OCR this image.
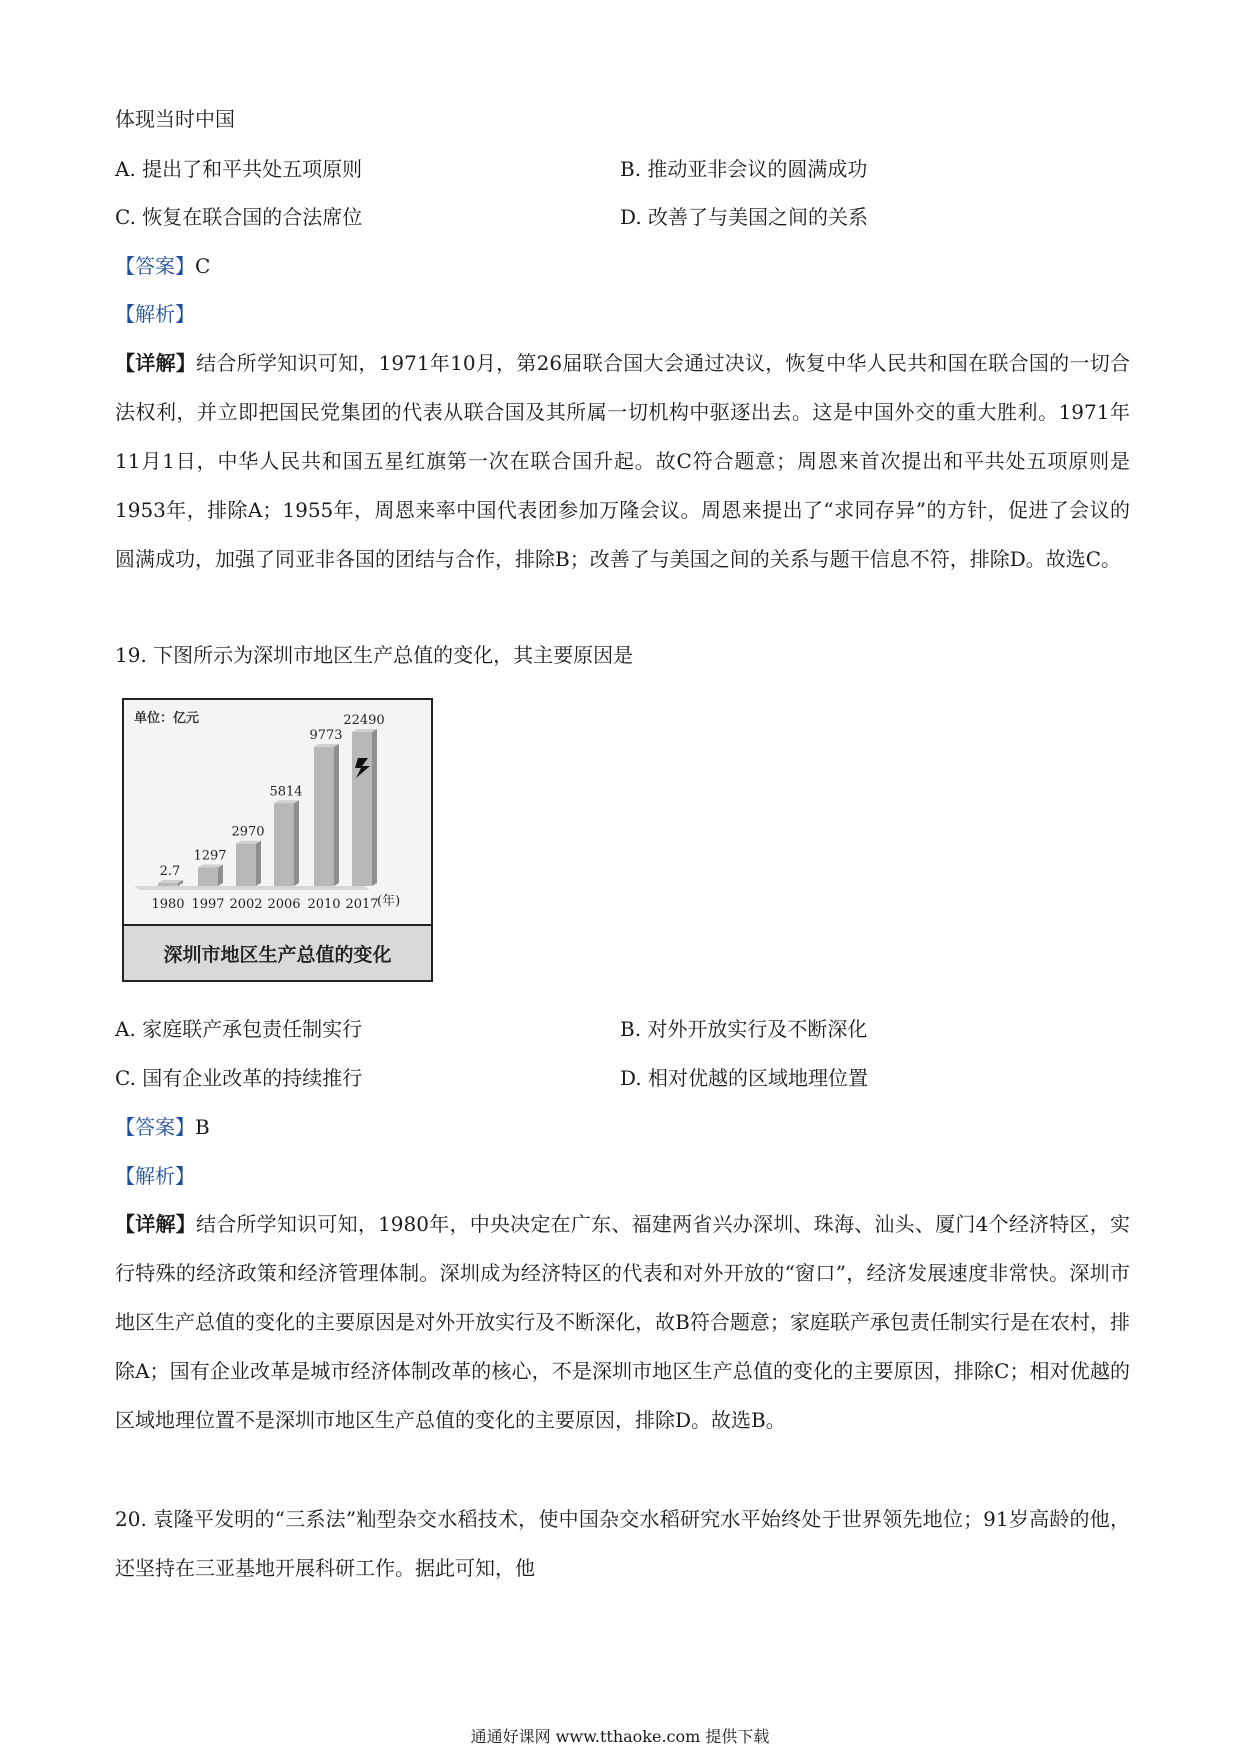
体现当时中国
A. 提出了和平共处五项原则	B. 推动亚非会议的圆满成功
C. 恢复在联合国的合法席位	D. 改善了与美国之间的关系
【答案】C
【解析】
【详解】结合所学知识可知，1971年10月，第26届联合国大会通过决议，恢复中华人民共和国在联合国的一切合法权利，并立即把国民党集团的代表从联合国及其所属一切机构中驱逐出去。这是中国外交的重大胜利。1971年11月1日，中华人民共和国五星红旗第一次在联合国升起。故C符合题意；周恩来首次提出和平共处五项原则是1953年，排除A；1955年，周恩来率中国代表团参加万隆会议。周恩来提出了“求同存异”的方针，促进了会议的圆满成功，加强了同亚非各国的团结与合作，排除B；改善了与美国之间的关系与题干信息不符，排除D。故选C。
19. 下图所示为深圳市地区生产总值的变化，其主要原因是
单位：亿元
2.7
1980
1297
1997
2970
2002
5814
2006
9773
2010
22490
2017
(年)
深圳市地区生产总值的变化
A. 家庭联产承包责任制实行	B. 对外开放实行及不断深化
C. 国有企业改革的持续推行	D. 相对优越的区域地理位置
【答案】B
【解析】
【详解】结合所学知识可知，1980年，中央决定在广东、福建两省兴办深圳、珠海、汕头、厦门4个经济特区，实行特殊的经济政策和经济管理体制。深圳成为经济特区的代表和对外开放的“窗口”，经济发展速度非常快。深圳市地区生产总值的变化的主要原因是对外开放实行及不断深化，故B符合题意；家庭联产承包责任制实行是在农村，排除A；国有企业改革是城市经济体制改革的核心，不是深圳市地区生产总值的变化的主要原因，排除C；相对优越的区域地理位置不是深圳市地区生产总值的变化的主要原因，排除D。故选B。
20. 袁隆平发明的“三系法”籼型杂交水稻技术，使中国杂交水稻研究水平始终处于世界领先地位；91岁高龄的他，还坚持在三亚基地开展科研工作。据此可知，他
通通好课网 www.tthaoke.com 提供下载
